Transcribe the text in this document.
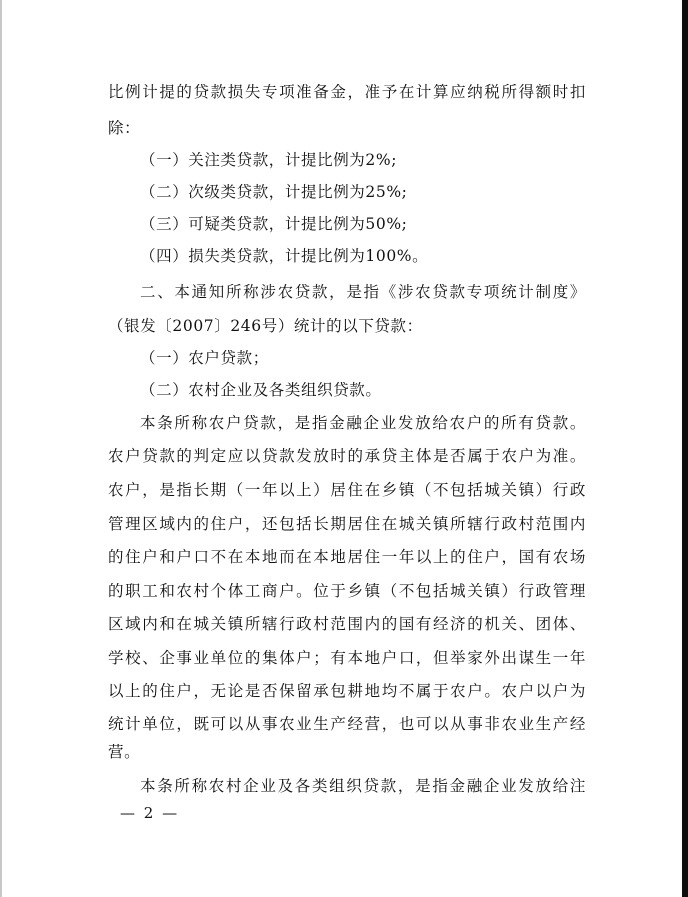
比例计提的贷款损失专项准备金，准予在计算应纳税所得额时扣
除：
（一）关注类贷款，计提比例为2%;
（二）次级类贷款，计提比例为25%;
（三）可疑类贷款，计提比例为50%;
（四）损失类贷款，计提比例为100%。
二、本通知所称涉农贷款，是指《涉农贷款专项统计制度》
（银发〔2007〕246号）统计的以下贷款：
（一）农户贷款；
（二）农村企业及各类组织贷款。
本条所称农户贷款，是指金融企业发放给农户的所有贷款。
农户贷款的判定应以贷款发放时的承贷主体是否属于农户为准。
农户，是指长期（一年以上）居住在乡镇（不包括城关镇）行政
管理区域内的住户，还包括长期居住在城关镇所辖行政村范围内
的住户和户口不在本地而在本地居住一年以上的住户，国有农场
的职工和农村个体工商户。位于乡镇（不包括城关镇）行政管理
区域内和在城关镇所辖行政村范围内的国有经济的机关、团体、
学校、企事业单位的集体户；有本地户口，但举家外出谋生一年
以上的住户，无论是否保留承包耕地均不属于农户。农户以户为
统计单位，既可以从事农业生产经营，也可以从事非农业生产经
营。
本条所称农村企业及各类组织贷款，是指金融企业发放给注
— 2 —
